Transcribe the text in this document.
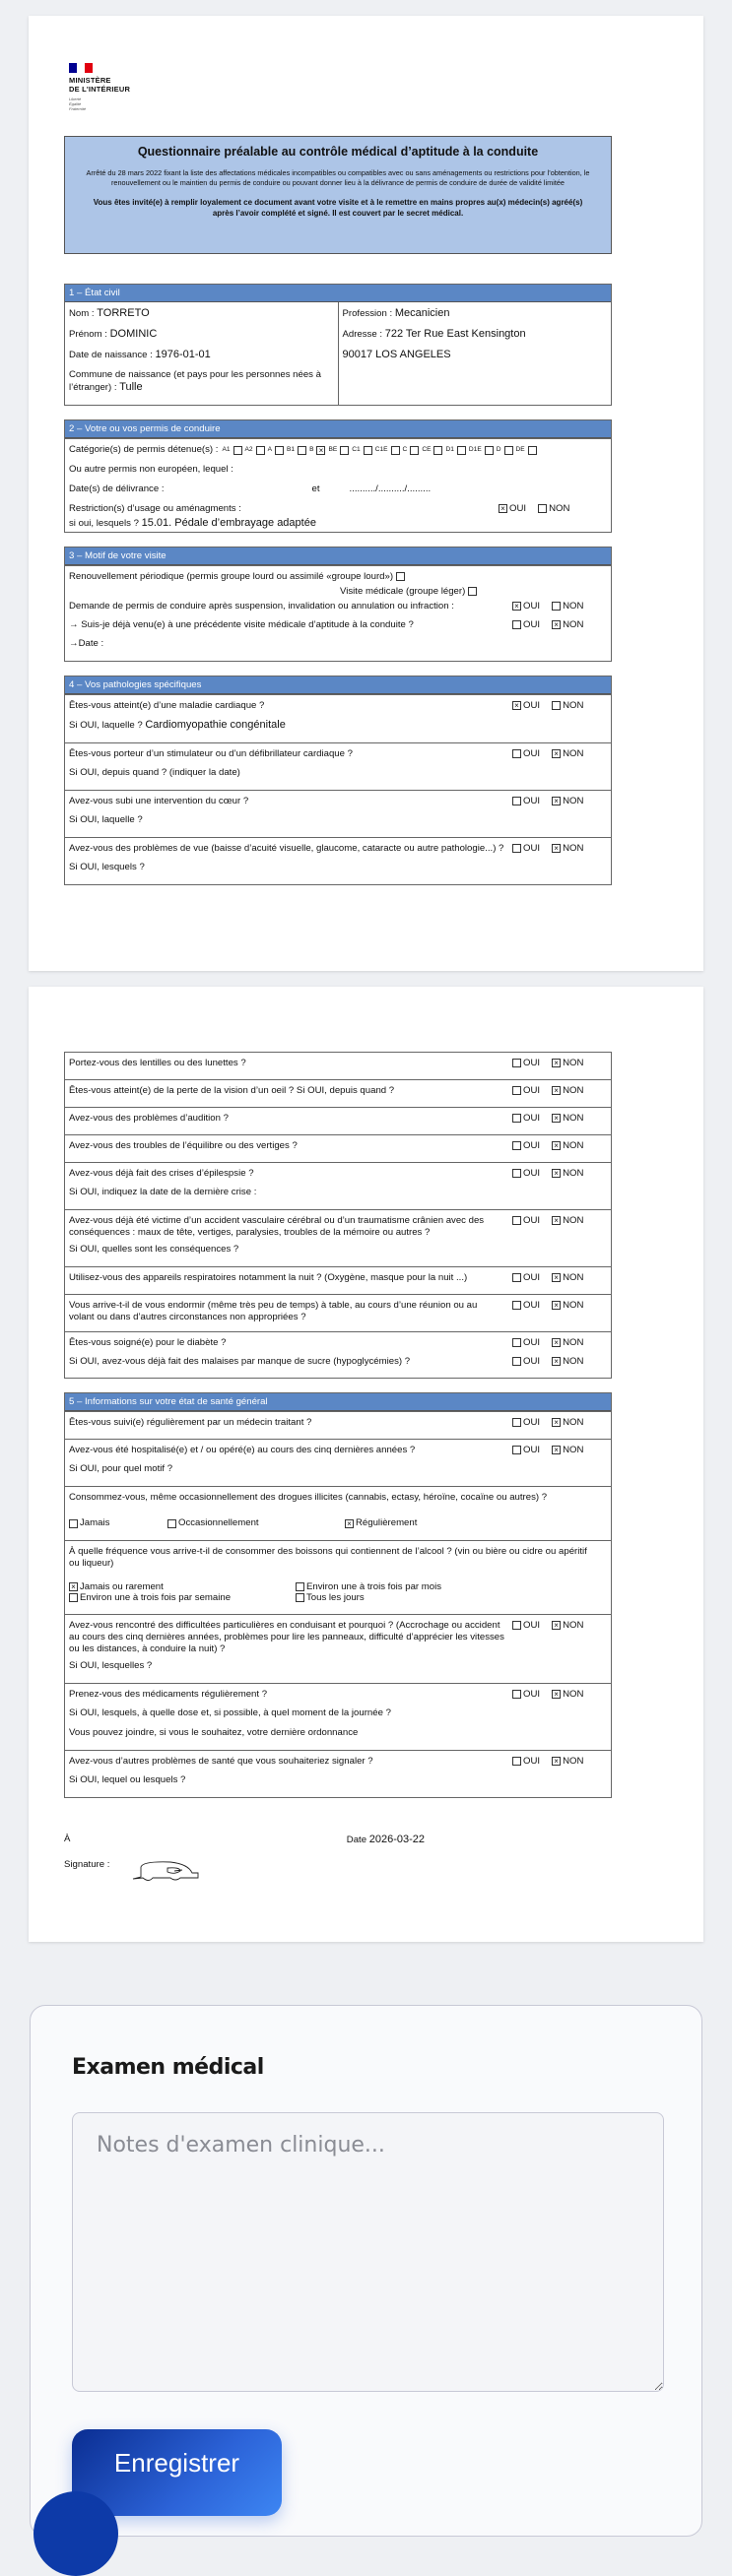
MINISTÈRE
DE L'INTÉRIEUR
Liberté
Égalité
Fraternité
Questionnaire préalable au contrôle médical d’aptitude à la conduite

Arrêté du 28 mars 2022 fixant la liste des affectations médicales incompatibles ou compatibles avec ou sans aménagements ou restrictions pour l’obtention, le renouvellement ou le maintien du permis de conduire ou pouvant donner lieu à la délivrance de permis de conduire de durée de validité limitée

Vous êtes invité(e) à remplir loyalement ce document avant votre visite et à le remettre en mains propres au(x) médecin(s) agréé(s) après l’avoir complété et signé. Il est couvert par le secret médical.

1 – État civil
Nom : TORRETO
Prénom : DOMINIC
Date de naissance : 1976-01-01
Commune de naissance (et pays pour les personnes nées à l’étranger) : Tulle
Profession : Mecanicien
Adresse : 722 Ter Rue East Kensington
90017 LOS ANGELES
2 – Votre ou vos permis de conduire
Catégorie(s) de permis détenue(s) : A1 A2 A B1 B × BE C1 C1E C CE D1 D1E D DE
Ou autre permis non européen, lequel :
Date(s) de délivrance :	et	........../........../.........
Restriction(s) d’usage ou aménagments :	× OUI NON
si oui, lesquels ? 15.01. Pédale d’embrayage adaptée
3 – Motif de votre visite
Renouvellement périodique (permis groupe lourd ou assimilé «groupe lourd»)
Visite médicale (groupe léger)
Demande de permis de conduire après suspension, invalidation ou annulation ou infraction :	× OUI NON
→ Suis-je déjà venu(e) à une précédente visite médicale d’aptitude à la conduite ?	OUI × NON
→Date :
4 – Vos pathologies spécifiques
Êtes-vous atteint(e) d’une maladie cardiaque ?	× OUI NON
Si OUI, laquelle ? Cardiomyopathie congénitale
Êtes-vous porteur d’un stimulateur ou d’un défibrillateur cardiaque ?	OUI × NON
Si OUI, depuis quand ? (indiquer la date)
Avez-vous subi une intervention du cœur ?	OUI × NON
Si OUI, laquelle ?
Avez-vous des problèmes de vue (baisse d’acuité visuelle, glaucome, cataracte ou autre pathologie...) ?	OUI × NON
Si OUI, lesquels ?
Portez-vous des lentilles ou des lunettes ?	OUI × NON
Êtes-vous atteint(e) de la perte de la vision d’un oeil ? Si OUI, depuis quand ?	OUI × NON
Avez-vous des problèmes d’audition ?	OUI × NON
Avez-vous des troubles de l’équilibre ou des vertiges ?	OUI × NON
Avez-vous déjà fait des crises d’épilespsie ?	OUI × NON
Si OUI, indiquez la date de la dernière crise :
Avez-vous déjà été victime d’un accident vasculaire cérébral ou d’un traumatisme crânien avec des conséquences : maux de tête, vertiges, paralysies, troubles de la mémoire ou autres ?
OUI × NON
Si OUI, quelles sont les conséquences ?
Utilisez-vous des appareils respiratoires notamment la nuit ? (Oxygène, masque pour la nuit ...)	OUI × NON
Vous arrive-t-il de vous endormir (même très peu de temps) à table, au cours d’une réunion ou au volant ou dans d’autres circonstances non appropriées ?
OUI × NON
Êtes-vous soigné(e) pour le diabète ?	OUI × NON
Si OUI, avez-vous déjà fait des malaises par manque de sucre (hypoglycémies) ?	OUI × NON
5 – Informations sur votre état de santé général
Êtes-vous suivi(e) régulièrement par un médecin traitant ?	OUI × NON
Avez-vous été hospitalisé(e) et / ou opéré(e) au cours des cinq dernières années ?	OUI × NON
Si OUI, pour quel motif ?
Consommez-vous, même occasionnellement des drogues illicites (cannabis, ectasy, héroïne, cocaïne ou autres) ?
Jamais	Occasionnellement	× Régulièrement
À quelle fréquence vous arrive-t-il de consommer des boissons qui contiennent de l’alcool ? (vin ou bière ou cidre ou apéritif ou liqueur)
× Jamais ou rarement	Environ une à trois fois par mois
Environ une à trois fois par semaine	Tous les jours
Avez-vous rencontré des difficultées particulières en conduisant et pourquoi ? (Accrochage ou accident au cours des cinq dernières années, problèmes pour lire les panneaux, difficulté d’apprécier les vitesses ou les distances, à conduire la nuit) ?
OUI × NON
Si OUI, lesquelles ?
Prenez-vous des médicaments régulièrement ?	OUI × NON
Si OUI, lesquels, à quelle dose et, si possible, à quel moment de la journée ?
Vous pouvez joindre, si vous le souhaitez, votre dernière ordonnance
Avez-vous d’autres problèmes de santé que vous souhaiteriez signaler ?	OUI × NON
Si OUI, lequel ou lesquels ?
À	Date 2026-03-22
Signature :
Examen médical
Notes d'examen clinique...
Enregistrer
